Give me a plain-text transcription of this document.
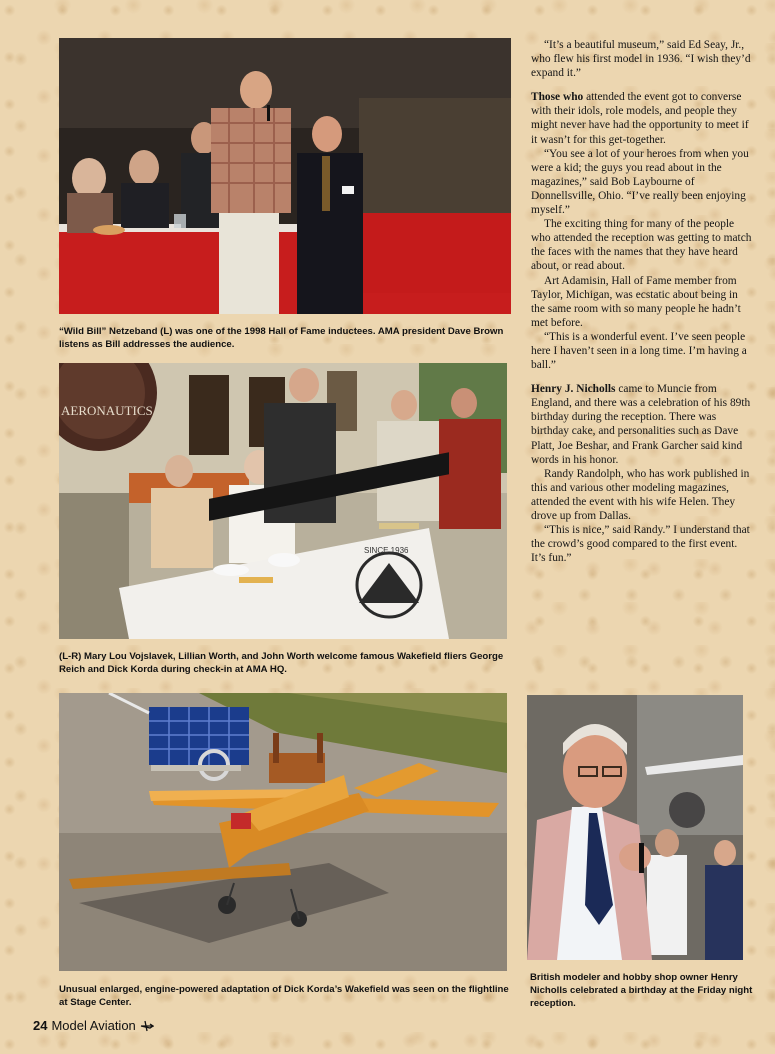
“Wild Bill” Netzeband (L) was one of the 1998 Hall of Fame inductees. AMA president Dave Brown listens as Bill addresses the audience.
AERONAUTICS
SINCE 1936
(L-R) Mary Lou Vojslavek, Lillian Worth, and John Worth welcome famous Wakefield fliers George Reich and Dick Korda during check-in at AMA HQ.
Unusual enlarged, engine-powered adaptation of Dick Korda’s Wakefield was seen on the flightline at Stage Center.
British modeler and hobby shop owner Henry Nicholls celebrated a birthday at the Friday night reception.

“It’s a beautiful museum,” said Ed Seay, Jr., who flew his first model in 1936. “I wish they’d expand it.”

Those who attended the event got to converse with their idols, role models, and people they might never have had the opportunity to meet if it wasn’t for this get-together.

“You see a lot of your heroes from when you were a kid; the guys you read about in the magazines,” said Bob Laybourne of Donnellsville, Ohio. “I’ve really been enjoying myself.”

The exciting thing for many of the people who attended the reception was getting to match the faces with the names that they have heard about, or read about.

Art Adamisin, Hall of Fame member from Taylor, Michigan, was ecstatic about being in the same room with so many people he hadn’t met before.

“This is a wonderful event. I’ve seen people here I haven’t seen in a long time. I’m having a ball.”

Henry J. Nicholls came to Muncie from England, and there was a celebration of his 89th birthday during the reception. There was birthday cake, and personalities such as Dave Platt, Joe Beshar, and Frank Garcher said kind words in his honor.

Randy Randolph, who has work published in this and various other modeling magazines, attended the event with his wife Helen. They drove up from Dallas.

“This is nice,” said Randy.” I understand that the crowd’s good compared to the first event. It’s fun.”

24 Model Aviation
